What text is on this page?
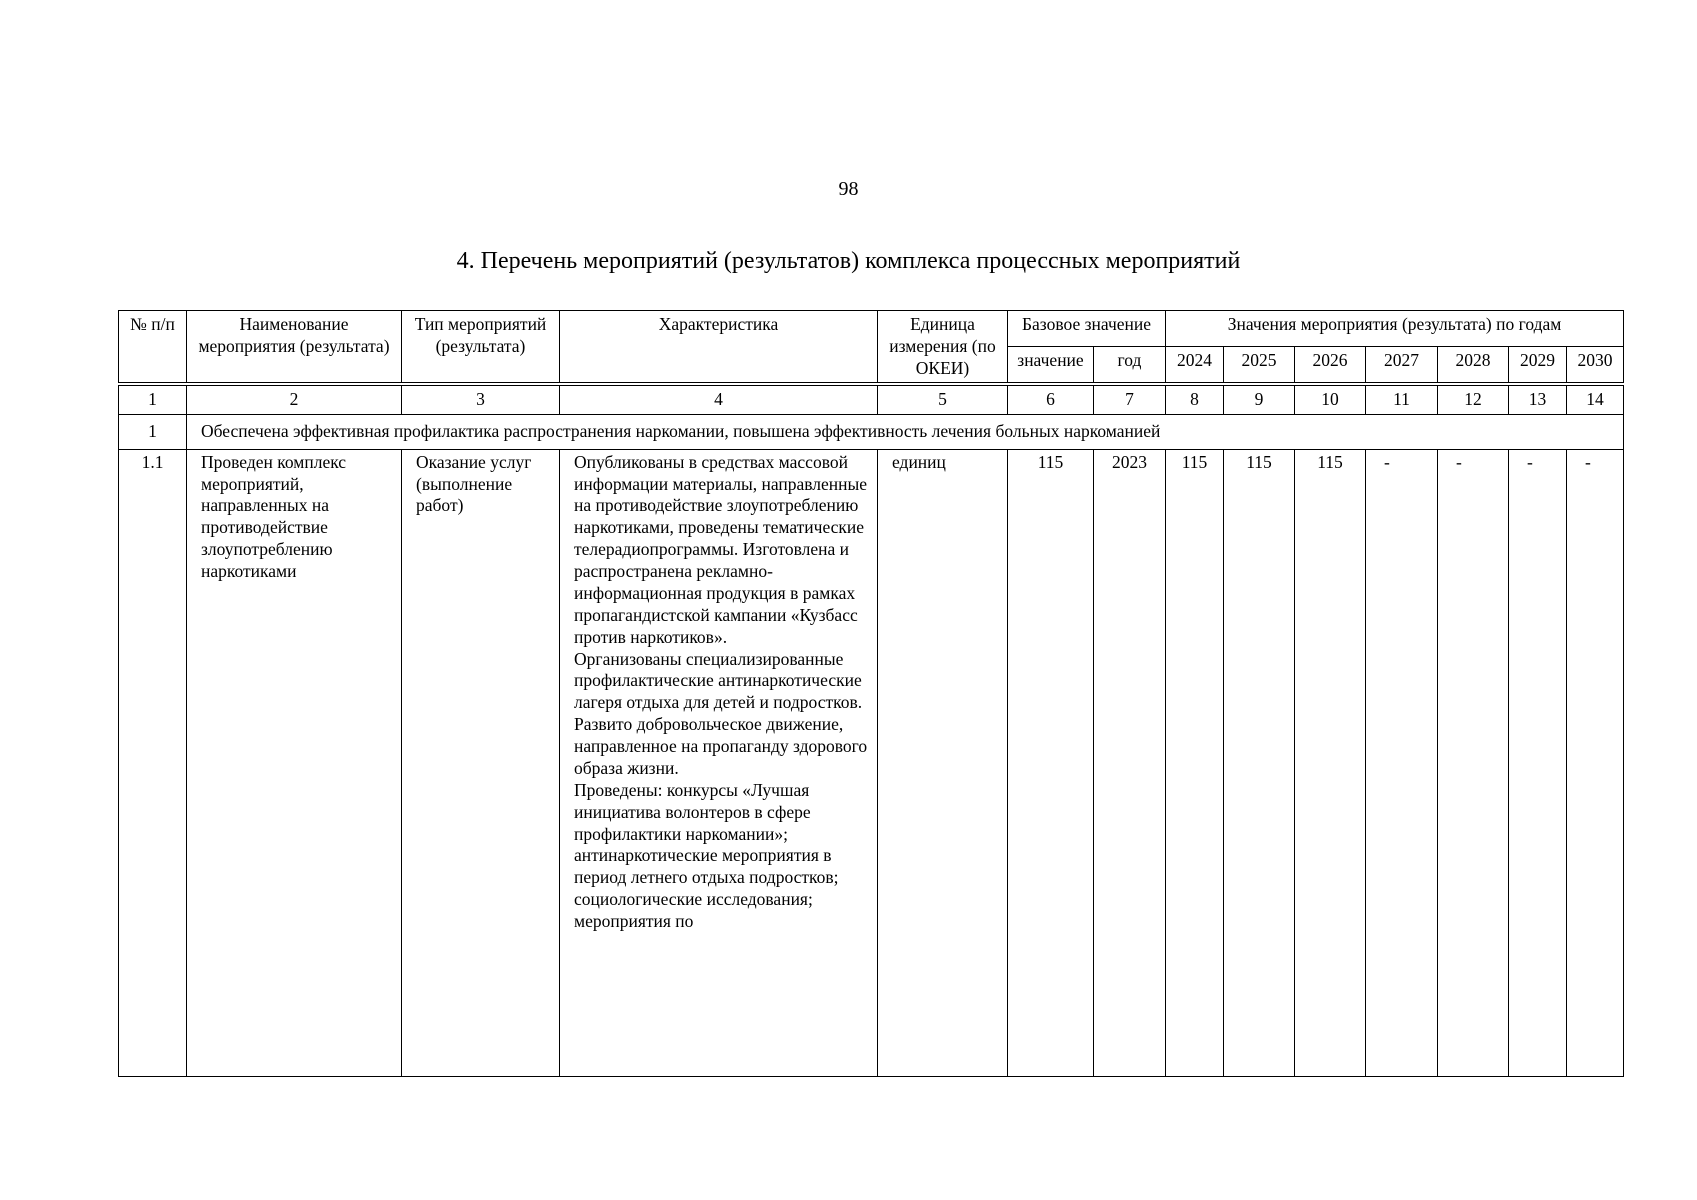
98
4. Перечень мероприятий (результатов) комплекса процессных мероприятий
№ п/п	Наименование мероприятия (результата)	Тип мероприятий (результата)	Характеристика	Единица измерения (по ОКЕИ)	Базовое значение		Значения мероприятия (результата) по годам						
					значение	год	2024	2025	2026	2027	2028	2029	2030

1	2	3	4	5	6	7	8	9	10	11	12	13	14
1	Обеспечена эффективная профилактика распространения наркомании, повышена эффективность лечения больных наркоманией												
1.1	Проведен комплекс мероприятий, направленных на противодействие злоупотреблению наркотиками	Оказание услуг (выполнение работ)	Опубликованы в средствах массовой информации материалы, направленные на противодействие злоупотреблению наркотиками, проведены тематические телерадиопрограммы. Изготовлена и распространена рекламно-информационная продукция в рамках пропагандистской кампании «Кузбасс против наркотиков».
Организованы специализированные профилактические антинаркотические лагеря отдыха для детей и подростков.
Развито добровольческое движение, направленное на пропаганду здорового образа жизни.
Проведены: конкурсы «Лучшая инициатива волонтеров в сфере профилактики наркомании»; антинаркотические мероприятия в период летнего отдыха подростков; социологические исследования; мероприятия по	единиц	115	2023	115	115	115	-	-	-	-
